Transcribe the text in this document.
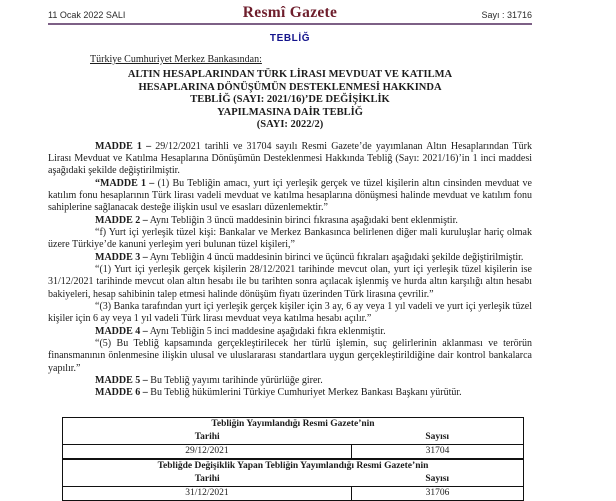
11 Ocak 2022 SALI	Resmî Gazete	Sayı : 31716
TEBLİĞ
Türkiye Cumhuriyet Merkez Bankasından:
ALTIN HESAPLARINDAN TÜRK LİRASI MEVDUAT VE KATILMA
HESAPLARINA DÖNÜŞÜMÜN DESTEKLENMESİ HAKKINDA
TEBLİĞ (SAYI: 2021/16)’DE DEĞİŞİKLİK
YAPILMASINA DAİR TEBLİĞ
(SAYI: 2022/2)

MADDE 1 – 29/12/2021 tarihli ve 31704 sayılı Resmi Gazete’de yayımlanan Altın Hesaplarından Türk Lirası Mevduat ve Katılma Hesaplarına Dönüşümün Desteklenmesi Hakkında Tebliğ (Sayı: 2021/16)’in 1 inci maddesi aşağıdaki şekilde değiştirilmiştir.

“MADDE 1 – (1) Bu Tebliğin amacı, yurt içi yerleşik gerçek ve tüzel kişilerin altın cinsinden mevduat ve katılım fonu hesaplarının Türk lirası vadeli mevduat ve katılma hesaplarına dönüşmesi halinde mevduat ve katılım fonu sahiplerine sağlanacak desteğe ilişkin usul ve esasları düzenlemektir.”

MADDE 2 – Aynı Tebliğin 3 üncü maddesinin birinci fıkrasına aşağıdaki bent eklenmiştir.

“f) Yurt içi yerleşik tüzel kişi: Bankalar ve Merkez Bankasınca belirlenen diğer mali kuruluşlar hariç olmak üzere Türkiye’de kanuni yerleşim yeri bulunan tüzel kişileri,”

MADDE 3 – Aynı Tebliğin 4 üncü maddesinin birinci ve üçüncü fıkraları aşağıdaki şekilde değiştirilmiştir.

“(1) Yurt içi yerleşik gerçek kişilerin 28/12/2021 tarihinde mevcut olan, yurt içi yerleşik tüzel kişilerin ise 31/12/2021 tarihinde mevcut olan altın hesabı ile bu tarihten sonra açılacak işlenmiş ve hurda altın karşılığı altın hesabı bakiyeleri, hesap sahibinin talep etmesi halinde dönüşüm fiyatı üzerinden Türk lirasına çevrilir.”

“(3) Banka tarafından yurt içi yerleşik gerçek kişiler için 3 ay, 6 ay veya 1 yıl vadeli ve yurt içi yerleşik tüzel kişiler için 6 ay veya 1 yıl vadeli Türk lirası mevduat veya katılma hesabı açılır.”

MADDE 4 – Aynı Tebliğin 5 inci maddesine aşağıdaki fıkra eklenmiştir.

“(5) Bu Tebliğ kapsamında gerçekleştirilecek her türlü işlemin, suç gelirlerinin aklanması ve terörün finansmanının önlenmesine ilişkin ulusal ve uluslararası standartlara uygun gerçekleştirildiğine dair kontrol bankalarca yapılır.”

MADDE 5 – Bu Tebliğ yayımı tarihinde yürürlüğe girer.

MADDE 6 – Bu Tebliğ hükümlerini Türkiye Cumhuriyet Merkez Bankası Başkanı yürütür.

Tebliğin Yayımlandığı Resmi Gazete’nin	
Tarihi	Sayısı
29/12/2021	31704
Tebliğde Değişiklik Yapan Tebliğin Yayımlandığı Resmi Gazete’nin	
Tarihi	Sayısı
31/12/2021	31706
